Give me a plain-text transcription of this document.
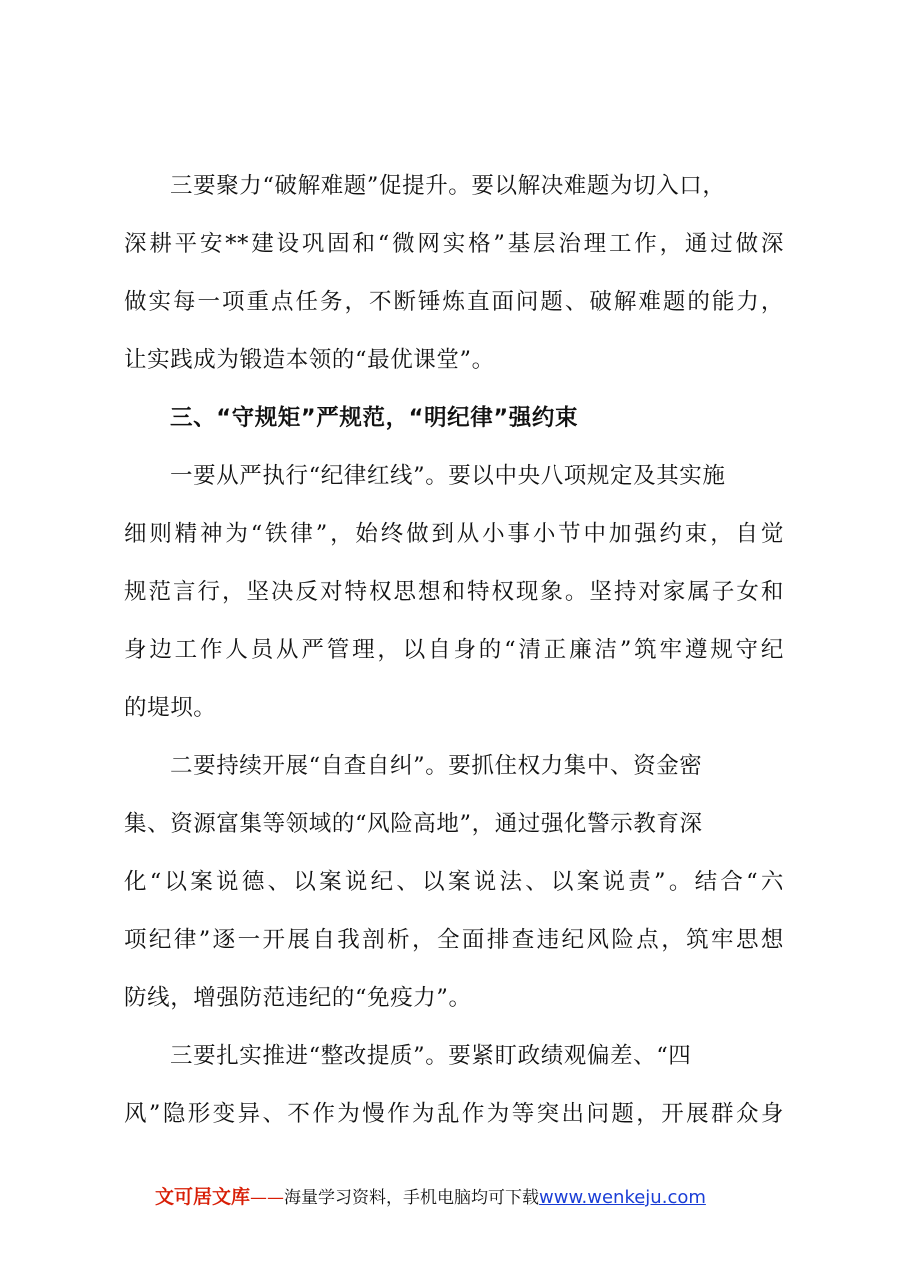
三要聚力“破解难题”促提升。要以解决难题为切入口，
深耕平安**建设巩固和“微网实格”基层治理工作，通过做深
做实每一项重点任务，不断锤炼直面问题、破解难题的能力，
让实践成为锻造本领的“最优课堂”。
三、“守规矩”严规范，“明纪律”强约束
一要从严执行“纪律红线”。要以中央八项规定及其实施
细则精神为“铁律”，始终做到从小事小节中加强约束，自觉
规范言行，坚决反对特权思想和特权现象。坚持对家属子女和
身边工作人员从严管理，以自身的“清正廉洁”筑牢遵规守纪
的堤坝。
二要持续开展“自查自纠”。要抓住权力集中、资金密
集、资源富集等领域的“风险高地”，通过强化警示教育深
化“以案说德、以案说纪、以案说法、以案说责”。结合“六
项纪律”逐一开展自我剖析，全面排查违纪风险点，筑牢思想
防线，增强防范违纪的“免疫力”。
三要扎实推进“整改提质”。要紧盯政绩观偏差、“四
风”隐形变异、不作为慢作为乱作为等突出问题，开展群众身
文可居文库——海量学习资料，手机电脑均可下载www.wenkeju.com
